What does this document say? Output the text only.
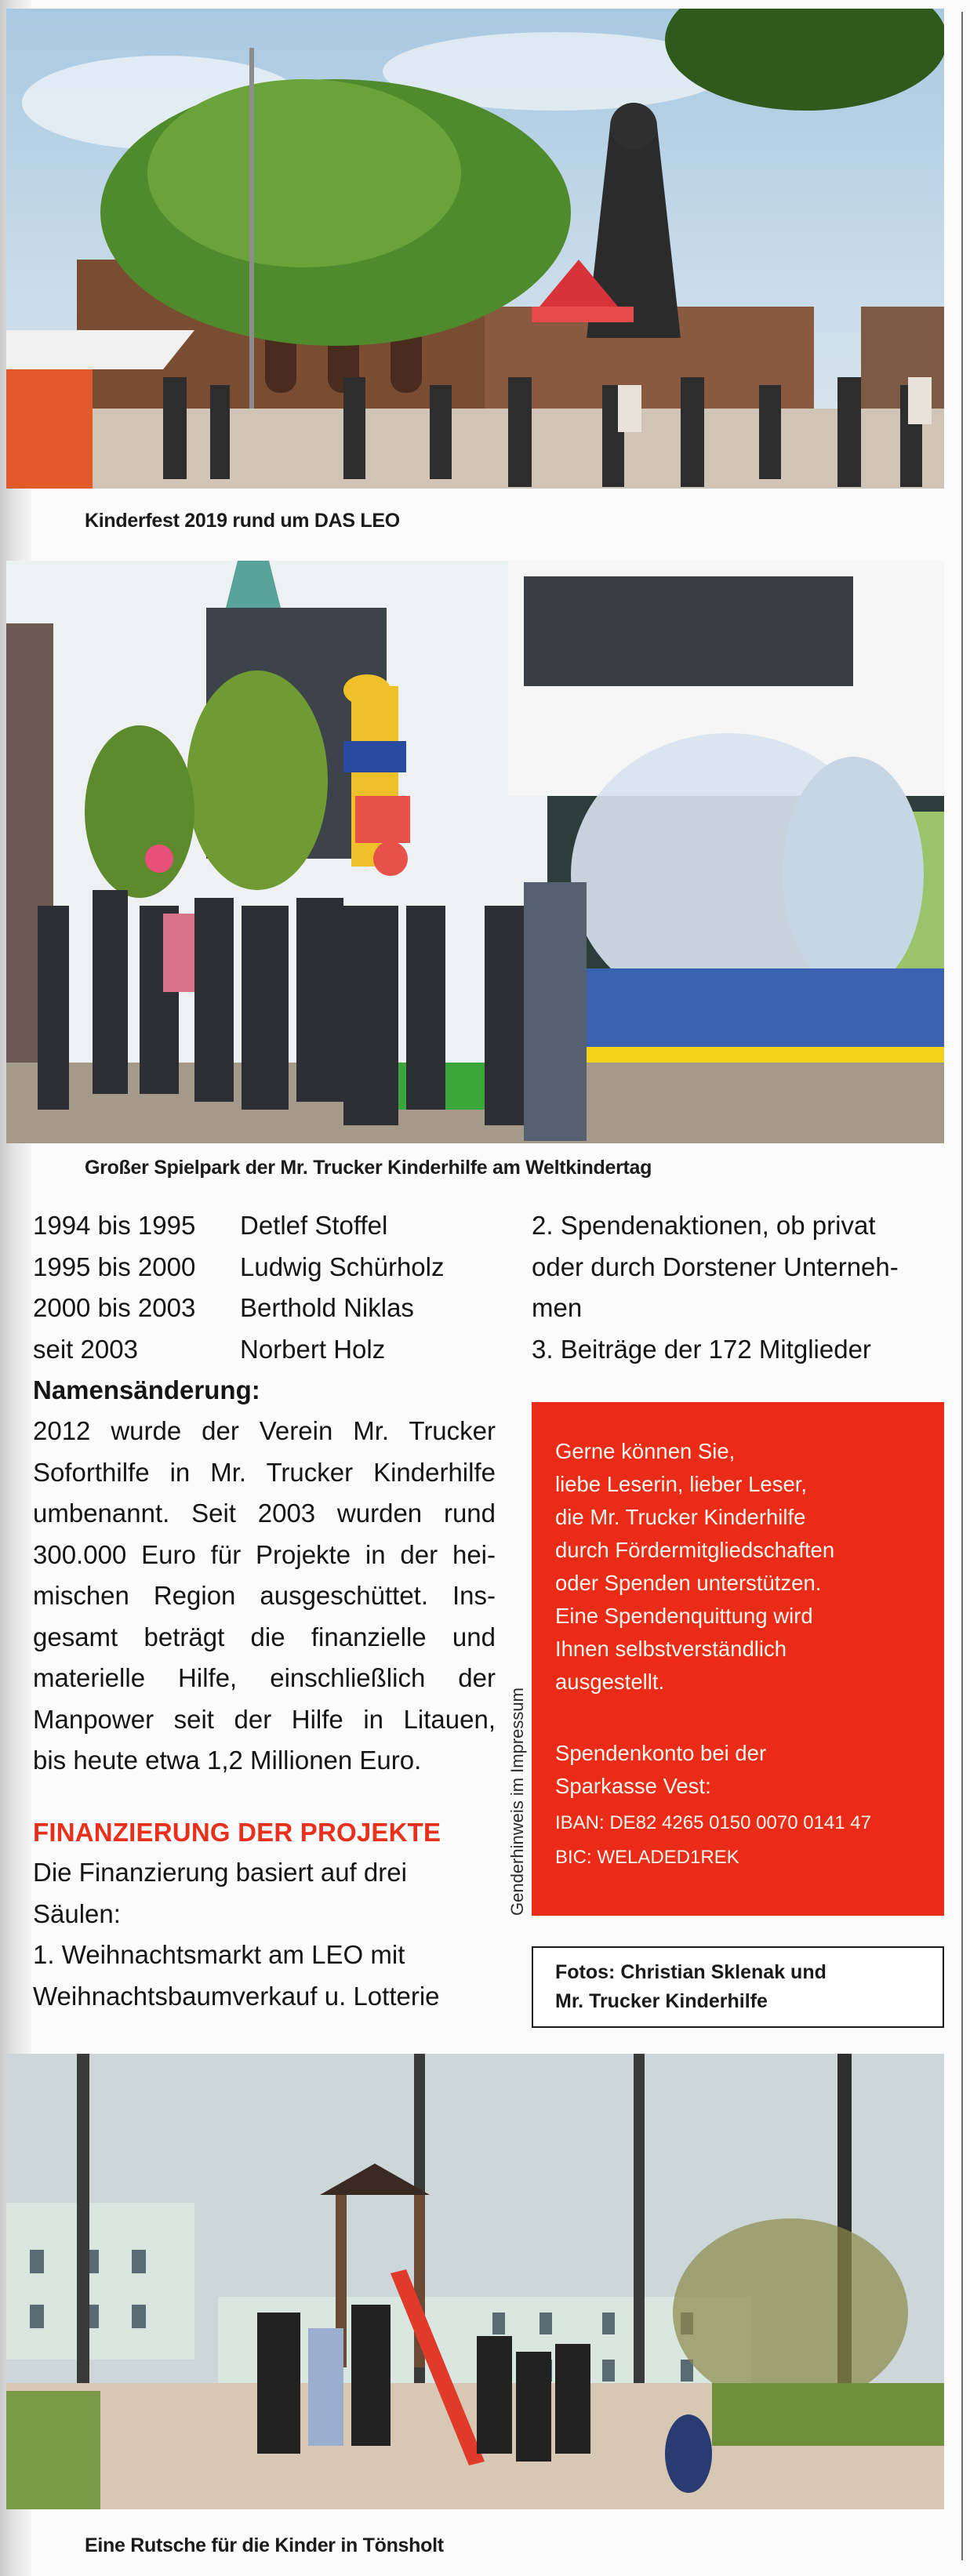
Kinderfest 2019 rund um DAS LEO
Großer Spielpark der Mr. Trucker Kinderhilfe am Weltkindertag
1994 bis 1995	Detlef Stoffel
1995 bis 2000	Ludwig Schürholz
2000 bis 2003	Berthold Niklas
seit 2003	Norbert Holz
Namensänderung:
2012 wurde der Verein Mr. Trucker
Soforthilfe in Mr. Trucker Kinderhilfe
umbenannt. Seit 2003 wurden rund
300.000 Euro für Projekte in der hei-
mischen Region ausgeschüttet. Ins-
gesamt beträgt die finanzielle und
materielle Hilfe, einschließlich der
Manpower seit der Hilfe in Litauen,
bis heute etwa 1,2 Millionen Euro.
FINANZIERUNG DER PROJEKTE
Die Finanzierung basiert auf drei
Säulen:
1. Weihnachtsmarkt am LEO mit
Weihnachtsbaumverkauf u. Lotterie
2. Spendenaktionen, ob privat
oder durch Dorstener Unterneh-
men
3. Beiträge der 172 Mitglieder
Gerne können Sie,
liebe Leserin, lieber Leser,
die Mr. Trucker Kinderhilfe
durch Fördermitgliedschaften
oder Spenden unterstützen.
Eine Spendenquittung wird
Ihnen selbstverständlich
ausgestellt.
Spendenkonto bei der
Sparkasse Vest:
IBAN: DE82 4265 0150 0070 0141 47
BIC: WELADED1REK
Genderhinweis im Impressum
Fotos: Christian Sklenak und
Mr. Trucker Kinderhilfe
Eine Rutsche für die Kinder in Tönsholt
